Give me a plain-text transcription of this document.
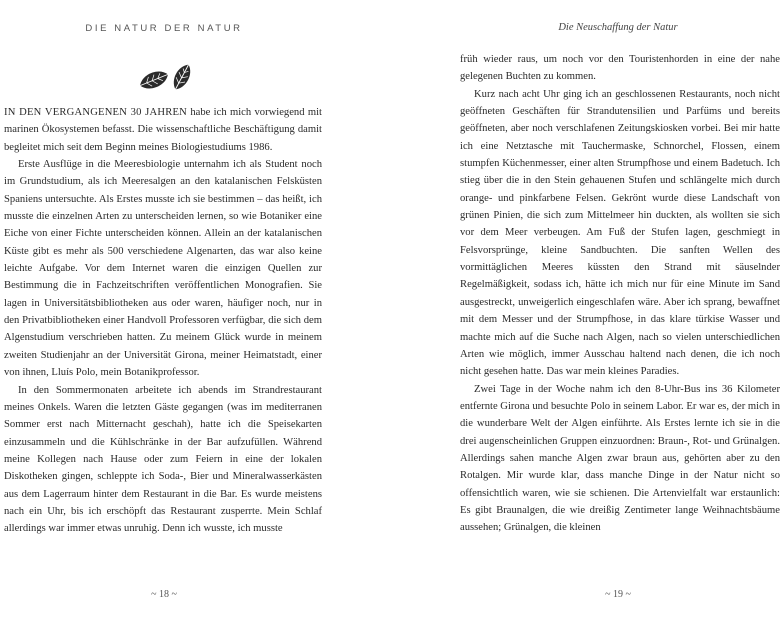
DIE NATUR DER NATUR

IN DEN VERGANGENEN 30 JAHREN habe ich mich vorwiegend mit marinen Ökosystemen befasst. Die wissenschaftliche Beschäftigung damit begleitet mich seit dem Beginn meines Biologiestudiums 1986.

Erste Ausflüge in die Meeresbiologie unternahm ich als Student noch im Grundstudium, als ich Meeresalgen an den katalanischen Felsküsten Spaniens untersuchte. Als Erstes musste ich sie bestimmen – das heißt, ich musste die einzelnen Arten zu unterscheiden lernen, so wie Botaniker eine Eiche von einer Fichte unterscheiden können. Allein an der katalanischen Küste gibt es mehr als 500 verschiedene Algenarten, das war also keine leichte Aufgabe. Vor dem Internet waren die einzigen Quellen zur Bestimmung die in Fachzeitschriften veröffentlichen Monografien. Sie lagen in Universitätsbibliotheken aus oder waren, häufiger noch, nur in den Privatbibliotheken einer Handvoll Professoren verfügbar, die sich dem Algenstudium verschrieben hatten. Zu meinem Glück wurde in meinem zweiten Studienjahr an der Universität Girona, meiner Heimatstadt, einer von ihnen, Lluís Polo, mein Botanikprofessor.

In den Sommermonaten arbeitete ich abends im Strandrestaurant meines Onkels. Waren die letzten Gäste gegangen (was im mediterranen Sommer erst nach Mitternacht geschah), hatte ich die Speisekarten einzusammeln und die Kühlschränke in der Bar aufzufüllen. Während meine Kollegen nach Hause oder zum Feiern in eine der lokalen Diskotheken gingen, schleppte ich Soda-, Bier und Mineralwasserkästen aus dem Lagerraum hinter dem Restaurant in die Bar. Es wurde meistens nach ein Uhr, bis ich erschöpft das Restaurant zusperrte. Mein Schlaf allerdings war immer etwas unruhig. Denn ich wusste, ich musste

~ 18 ~
Die Neuschaffung der Natur

früh wieder raus, um noch vor den Touristenhorden in eine der nahe gelegenen Buchten zu kommen.

Kurz nach acht Uhr ging ich an geschlossenen Restaurants, noch nicht geöffneten Geschäften für Strandutensilien und Parfüms und bereits geöffneten, aber noch verschlafenen Zeitungskiosken vorbei. Bei mir hatte ich eine Netztasche mit Tauchermaske, Schnorchel, Flossen, einem stumpfen Küchenmesser, einer alten Strumpfhose und einem Badetuch. Ich stieg über die in den Stein gehauenen Stufen und schlängelte mich durch orange- und pinkfarbene Felsen. Gekrönt wurde diese Landschaft von grünen Pinien, die sich zum Mittelmeer hin duckten, als wollten sie sich vor dem Meer verbeugen. Am Fuß der Stufen lagen, geschmiegt in Felsvorsprünge, kleine Sandbuchten. Die sanften Wellen des vormittäglichen Meeres küssten den Strand mit säuselnder Regelmäßigkeit, sodass ich, hätte ich mich nur für eine Minute im Sand ausgestreckt, unweigerlich eingeschlafen wäre. Aber ich sprang, bewaffnet mit dem Messer und der Strumpfhose, in das klare türkise Wasser und machte mich auf die Suche nach Algen, nach so vielen unterschiedlichen Arten wie möglich, immer Ausschau haltend nach denen, die ich noch nicht gesehen hatte. Das war mein kleines Paradies.

Zwei Tage in der Woche nahm ich den 8-Uhr-Bus ins 36 Kilometer entfernte Girona und besuchte Polo in seinem Labor. Er war es, der mich in die wunderbare Welt der Algen einführte. Als Erstes lernte ich sie in die drei augenscheinlichen Gruppen einzuordnen: Braun-, Rot- und Grünalgen. Allerdings sahen manche Algen zwar braun aus, gehörten aber zu den Rotalgen. Mir wurde klar, dass manche Dinge in der Natur nicht so offensichtlich waren, wie sie schienen. Die Artenvielfalt war erstaunlich: Es gibt Braunalgen, die wie dreißig Zentimeter lange Weihnachtsbäume aussehen; Grünalgen, die kleinen

~ 19 ~
